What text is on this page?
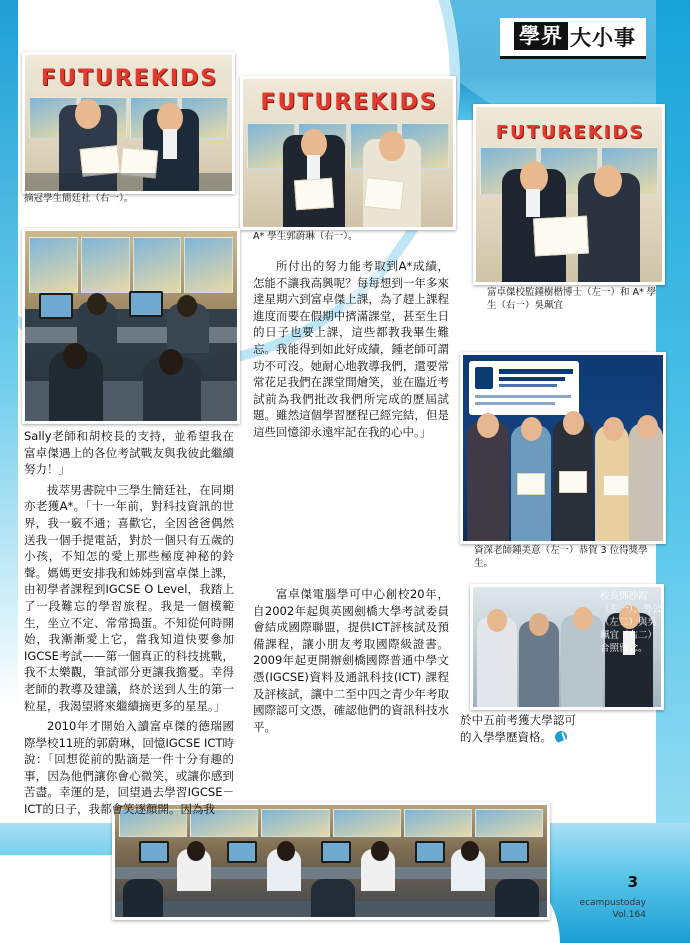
學界 大小事
F U T U R E K I D S
摘冠學生簡廷社（右一）。
F U T U R E K I D S
A* 學生郭蔚琳（右一）。
F U T U R E K I D S
富卓傑校監鍾樹楷博士（左一）和 A* 學生（右一）吳珮宜
資深老師鍾美意（左一）恭賀 3 位得獎學生。
校長鄧沙霞（左一）、外公（左二）與吳珮宜（右二）合照留念。

所付出的努力能考取到A*成績，怎能不讓我高興呢？每每想到一年多來達星期六到富卓傑上課，為了趕上課程進度而要在假期中擠滿課堂，甚至生日的日子也要上課，這些都教我畢生難忘。我能得到如此好成績，鍾老師可謂功不可沒。她耐心地教導我們，還要常常花足我們在課堂間燴笑，並在臨近考試前為我們批改我們所完成的歷屆試題。雖然這個學習歷程已經完結，但是這些回憶卻永遠牢記在我的心中。」

Sally老師和胡校長的支持，並希望我在富卓傑遇上的各位考試戰友與我彼此繼續努力！」

拔萃男書院中三學生簡廷社，在同期亦老獲A*。「十一年前，對科技資訊的世界，我一竅不通；喜歡它，全因爸爸偶然送我一個手提電話，對於一個只有五歲的小孩，不知怎的愛上那些極度神秘的鈴聲。媽媽更安排我和姊姊到富卓傑上課，由初學者課程到IGCSE O Level，我踏上了一段難忘的學習旅程。我是一個模範生，坐立不定、常常搗蛋。不知從何時開始，我漸漸愛上它，當我知道快要參加IGCSE考試——第一個真正的科技挑戰，我不太樂觀，筆試部分更讓我擔憂。幸得老師的教導及建議，終於送到人生的第一粒星，我渴望將來繼續摘更多的星星。」

2010年才開始入讀富卓傑的德瑞國際學校11班的郭蔚琳，回憶IGCSE ICT時說：「回想從前的點滴是一件十分有趣的事，因為他們讓你會心微笑，或讓你感到苦盡。幸運的是，回望過去學習IGCSE－ICT的日子，我都會笑逐顏開。因為我

富卓傑電腦學可中心創校20年，自2002年起與英國劍橋大學考試委員會結成國際聯盟，提供ICT評核試及預備課程，讓小朋友考取國際級證書。2009年起更開辦劍橋國際普通中學文憑(IGCSE)資料及通訊科技(ICT) 課程及評核試，讓中二至中四之青少年考取國際認可文憑，確認他們的資訊科技水平。	於中五前考獲大學認可的入學學歷資格。

3
ecampustoday
Vol.164
